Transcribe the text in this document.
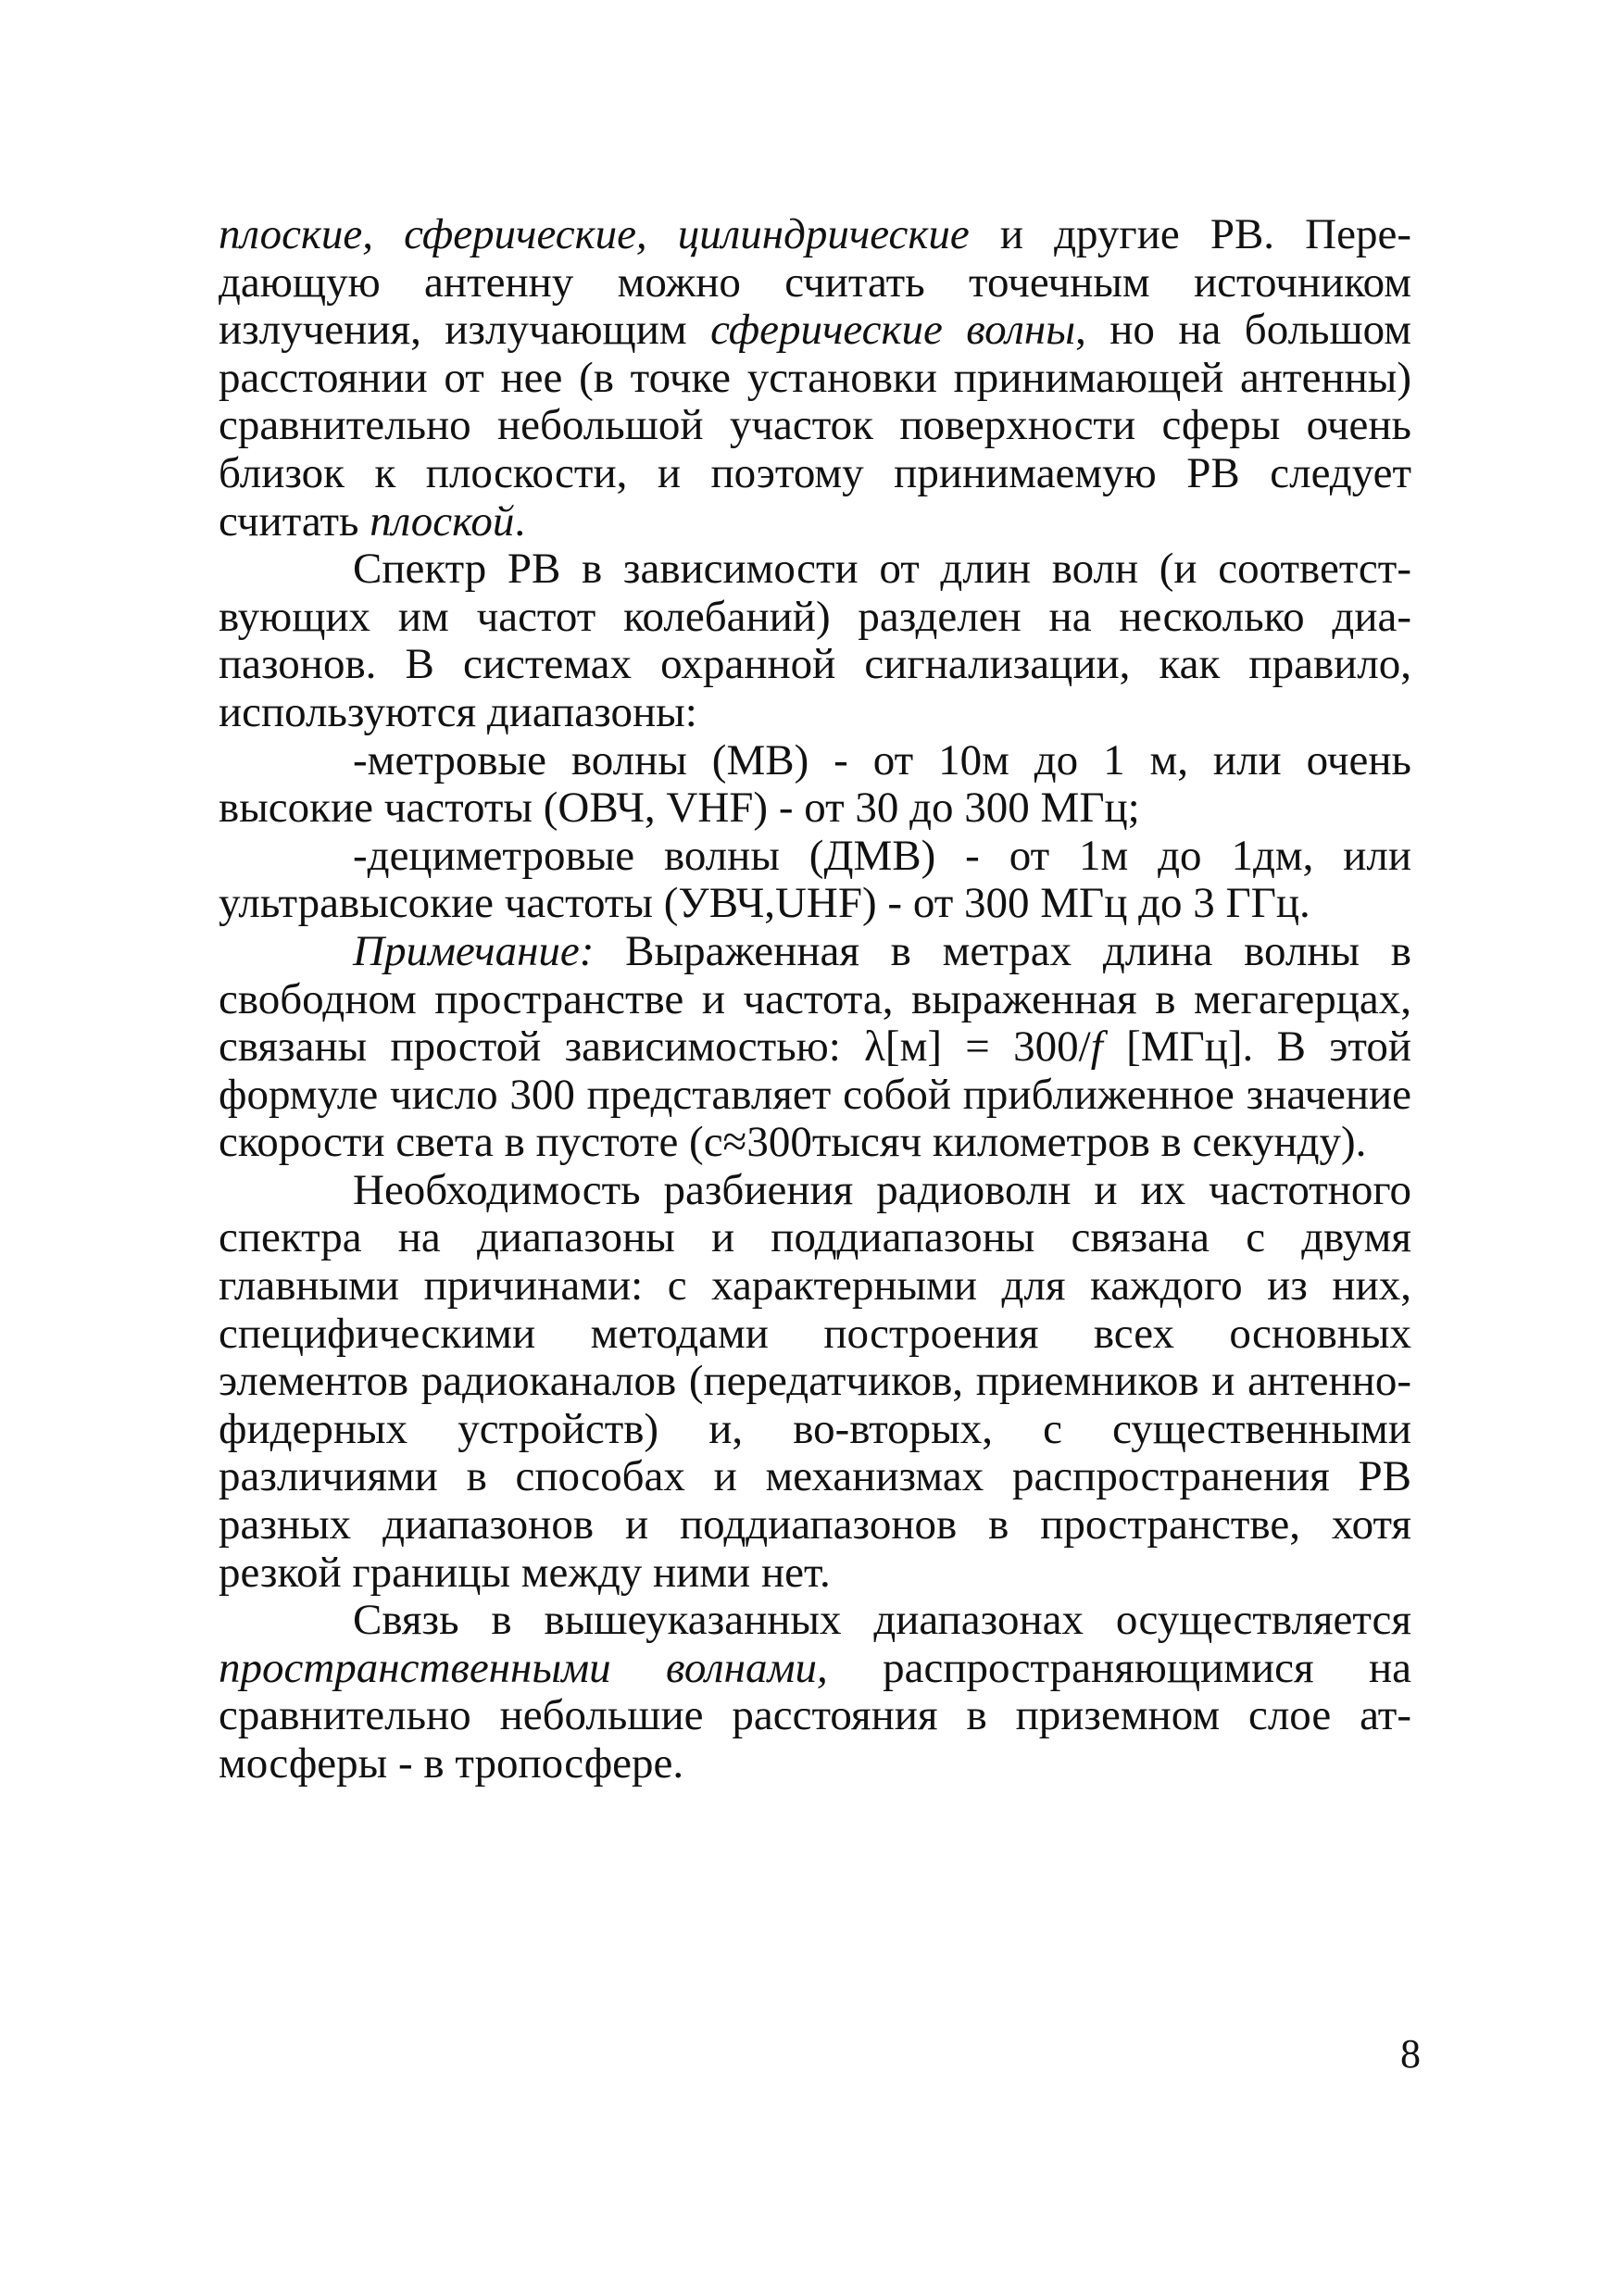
плоские, сферические, цилиндрические и другие РВ. Передающую антенну можно считать точечным источником излучения, излучающим сферические волны, но на большом расстоянии от нее (в точке установки принимающей антенны) сравнительно небольшой участок поверхности сферы очень близок к плоскости, и поэтому принимаемую РВ следует считать плоской.

Спектр РВ в зависимости от длин волн (и соответствующих им частот колебаний) разделен на несколько диапазонов. В системах охранной сигнализации, как правило, используются диапазоны:

-метровые волны (МВ) - от 10м до 1 м, или очень высокие частоты (ОВЧ, VHF) - от 30 до 300 МГц;

-дециметровые волны (ДМВ) - от 1м до 1дм, или ультравысокие частоты (УВЧ,UHF) - от 300 МГц до 3 ГГц.

Примечание: Выраженная в метрах длина волны в свободном пространстве и частота, выраженная в мегагерцах, связаны простой зависимостью: λ[м] = 300/f [МГц]. В этой формуле число 300 представляет собой приближенное значение скорости света в пустоте (с≈300тысяч километров в секунду).

Необходимость разбиения радиоволн и их частотного спектра на диапазоны и поддиапазоны связана с двумя главными причинами: с характерными для каждого из них, специфическими методами построения всех основных элементов радиоканалов (передатчиков, приемников и антенно-фидерных устройств) и, во-вторых, с существенными различиями в способах и механизмах распространения РВ разных диапазонов и поддиапазонов в пространстве, хотя резкой границы между ними нет.

Связь в вышеуказанных диапазонах осуществляется пространственными волнами, распространяющимися на сравнительно небольшие расстояния в приземном слое атмосферы - в тропосфере.

8
